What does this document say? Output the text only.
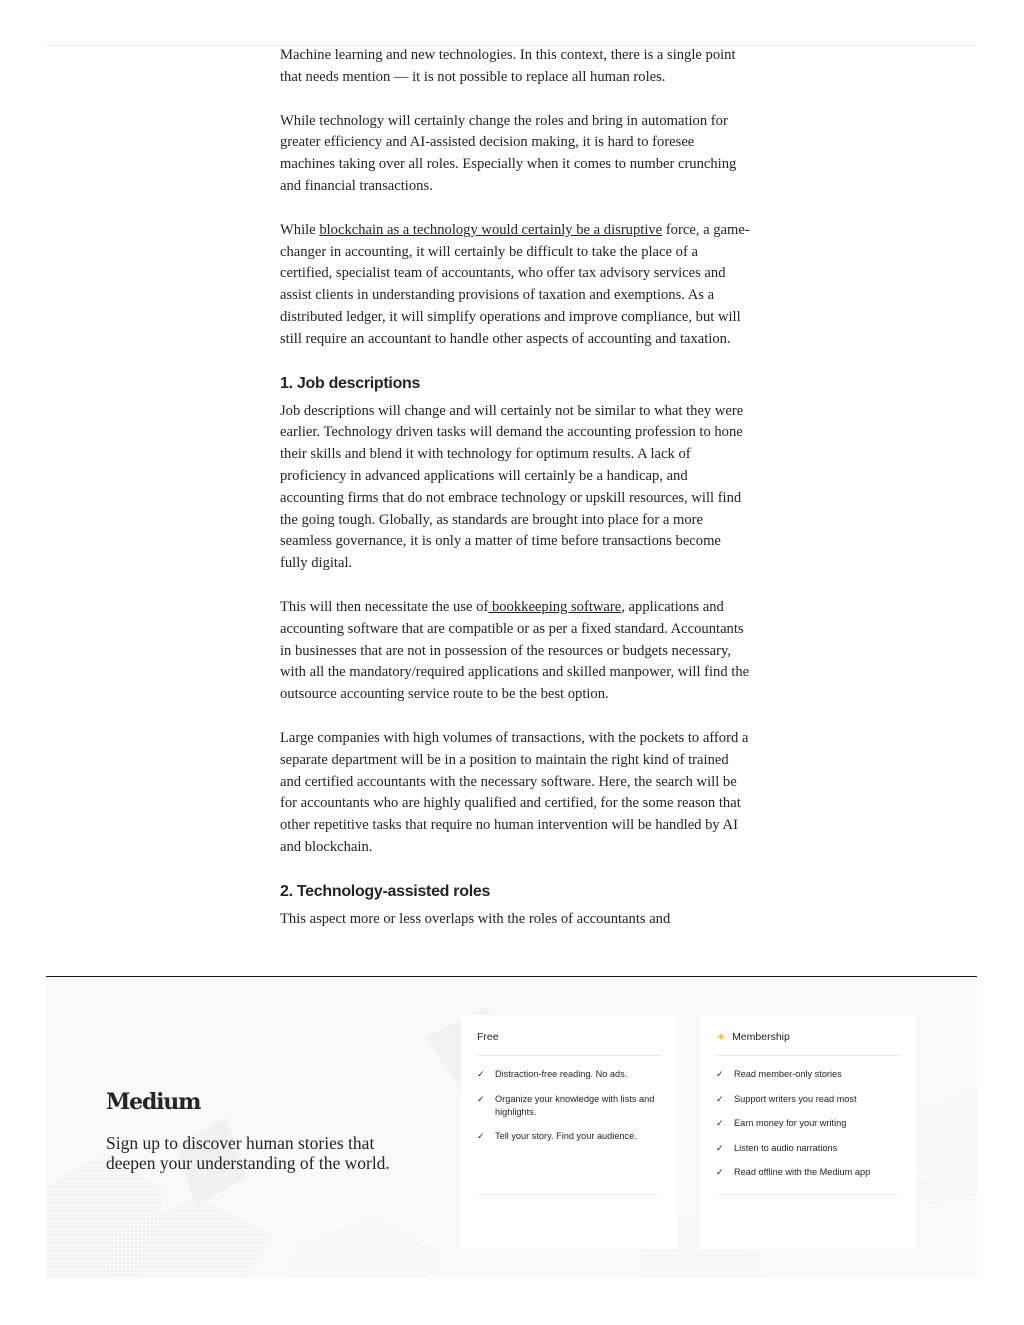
Machine learning and new technologies. In this context, there is a single point that needs mention — it is not possible to replace all human roles.

While technology will certainly change the roles and bring in automation for greater efficiency and AI-assisted decision making, it is hard to foresee machines taking over all roles. Especially when it comes to number crunching and financial transactions.

While blockchain as a technology would certainly be a disruptive force, a game-changer in accounting, it will certainly be difficult to take the place of a certified, specialist team of accountants, who offer tax advisory services and assist clients in understanding provisions of taxation and exemptions. As a distributed ledger, it will simplify operations and improve compliance, but will still require an accountant to handle other aspects of accounting and taxation.

1. Job descriptions

Job descriptions will change and will certainly not be similar to what they were earlier. Technology driven tasks will demand the accounting profession to hone their skills and blend it with technology for optimum results. A lack of proficiency in advanced applications will certainly be a handicap, and accounting firms that do not embrace technology or upskill resources, will find the going tough. Globally, as standards are brought into place for a more seamless governance, it is only a matter of time before transactions become fully digital.

This will then necessitate the use of bookkeeping software, applications and accounting software that are compatible or as per a fixed standard. Accountants in businesses that are not in possession of the resources or budgets necessary, with all the mandatory/required applications and skilled manpower, will find the outsource accounting service route to be the best option.

Large companies with high volumes of transactions, with the pockets to afford a separate department will be in a position to maintain the right kind of trained and certified accountants with the necessary software. Here, the search will be for accountants who are highly qualified and certified, for the some reason that other repetitive tasks that require no human intervention will be handled by AI and blockchain.

2. Technology-assisted roles

This aspect more or less overlaps with the roles of accountants and

Medium
Sign up to discover human stories that deepen your understanding of the world.
Free
✓	Distraction-free reading. No ads.
✓	Organize your knowledge with lists and highlights.
✓	Tell your story. Find your audience.
✦ Membership
✓	Read member-only stories
✓	Support writers you read most
✓	Earn money for your writing
✓	Listen to audio narrations
✓	Read offline with the Medium app
